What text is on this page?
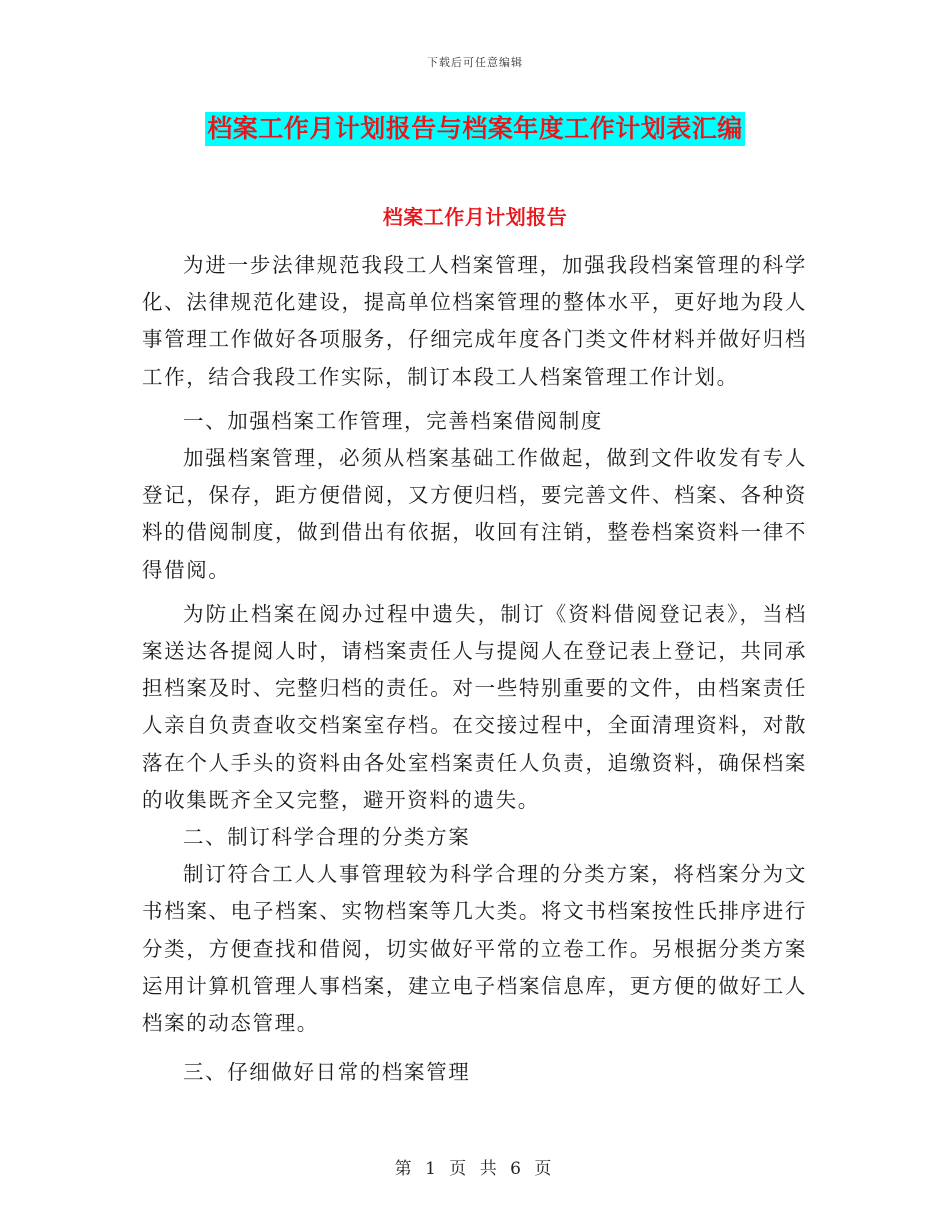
下载后可任意编辑
档案工作月计划报告与档案年度工作计划表汇编
档案工作月计划报告

为进一步法律规范我段工人档案管理，加强我段档案管理的科学化、法律规范化建设，提高单位档案管理的整体水平，更好地为段人事管理工作做好各项服务，仔细完成年度各门类文件材料并做好归档工作，结合我段工作实际，制订本段工人档案管理工作计划。

一、加强档案工作管理，完善档案借阅制度

加强档案管理，必须从档案基础工作做起，做到文件收发有专人登记，保存，距方便借阅，又方便归档，要完善文件、档案、各种资料的借阅制度，做到借出有依据，收回有注销，整卷档案资料一律不得借阅。

为防止档案在阅办过程中遗失，制订《资料借阅登记表》，当档案送达各提阅人时，请档案责任人与提阅人在登记表上登记，共同承担档案及时、完整归档的责任。对一些特别重要的文件，由档案责任人亲自负责查收交档案室存档。在交接过程中，全面清理资料，对散落在个人手头的资料由各处室档案责任人负责，追缴资料，确保档案的收集既齐全又完整，避开资料的遗失。

二、制订科学合理的分类方案

制订符合工人人事管理较为科学合理的分类方案，将档案分为文书档案、电子档案、实物档案等几大类。将文书档案按性氏排序进行分类，方便查找和借阅，切实做好平常的立卷工作。另根据分类方案运用计算机管理人事档案，建立电子档案信息库，更方便的做好工人档案的动态管理。

三、仔细做好日常的档案管理

第 1 页 共 6 页
